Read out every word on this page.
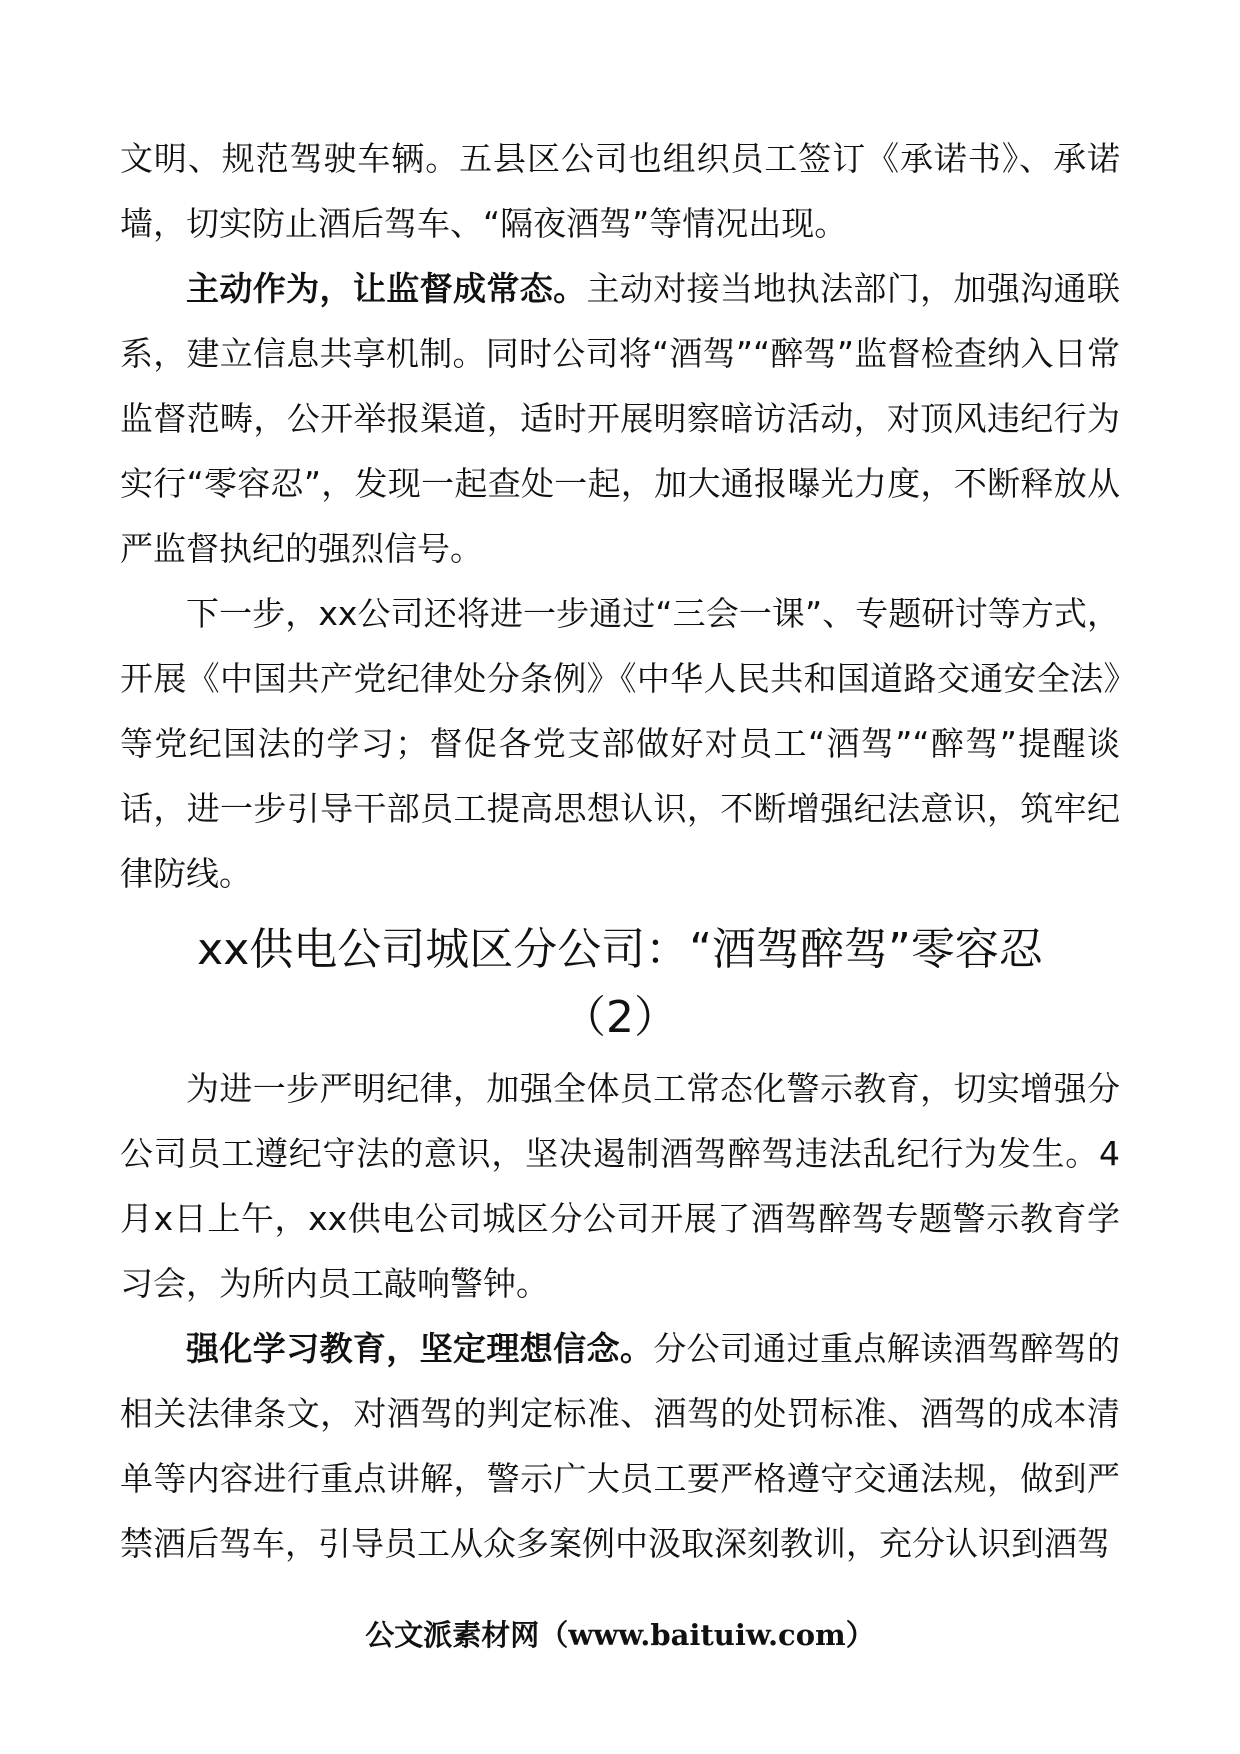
文明、规范驾驶车辆。五县区公司也组织员工签订《承诺书》、承诺墙，切实防止酒后驾车、“隔夜酒驾”等情况出现。

主动作为，让监督成常态。主动对接当地执法部门，加强沟通联系，建立信息共享机制。同时公司将“酒驾”“醉驾”监督检查纳入日常监督范畴，公开举报渠道，适时开展明察暗访活动，对顶风违纪行为实行“零容忍”，发现一起查处一起，加大通报曝光力度，不断释放从严监督执纪的强烈信号。

下一步，xx公司还将进一步通过“三会一课”、专题研讨等方式，开展《中国共产党纪律处分条例》《中华人民共和国道路交通安全法》等党纪国法的学习；督促各党支部做好对员工“酒驾”“醉驾”提醒谈话，进一步引导干部员工提高思想认识，不断增强纪法意识，筑牢纪律防线。

xx供电公司城区分公司：“酒驾醉驾”零容忍
（2）

为进一步严明纪律，加强全体员工常态化警示教育，切实增强分公司员工遵纪守法的意识，坚决遏制酒驾醉驾违法乱纪行为发生。4月x日上午，xx供电公司城区分公司开展了酒驾醉驾专题警示教育学习会，为所内员工敲响警钟。

强化学习教育，坚定理想信念。分公司通过重点解读酒驾醉驾的相关法律条文，对酒驾的判定标准、酒驾的处罚标准、酒驾的成本清单等内容进行重点讲解，警示广大员工要严格遵守交通法规，做到严禁酒后驾车，引导员工从众多案例中汲取深刻教训，充分认识到酒驾

公文派素材网（www.baituiw.com）
